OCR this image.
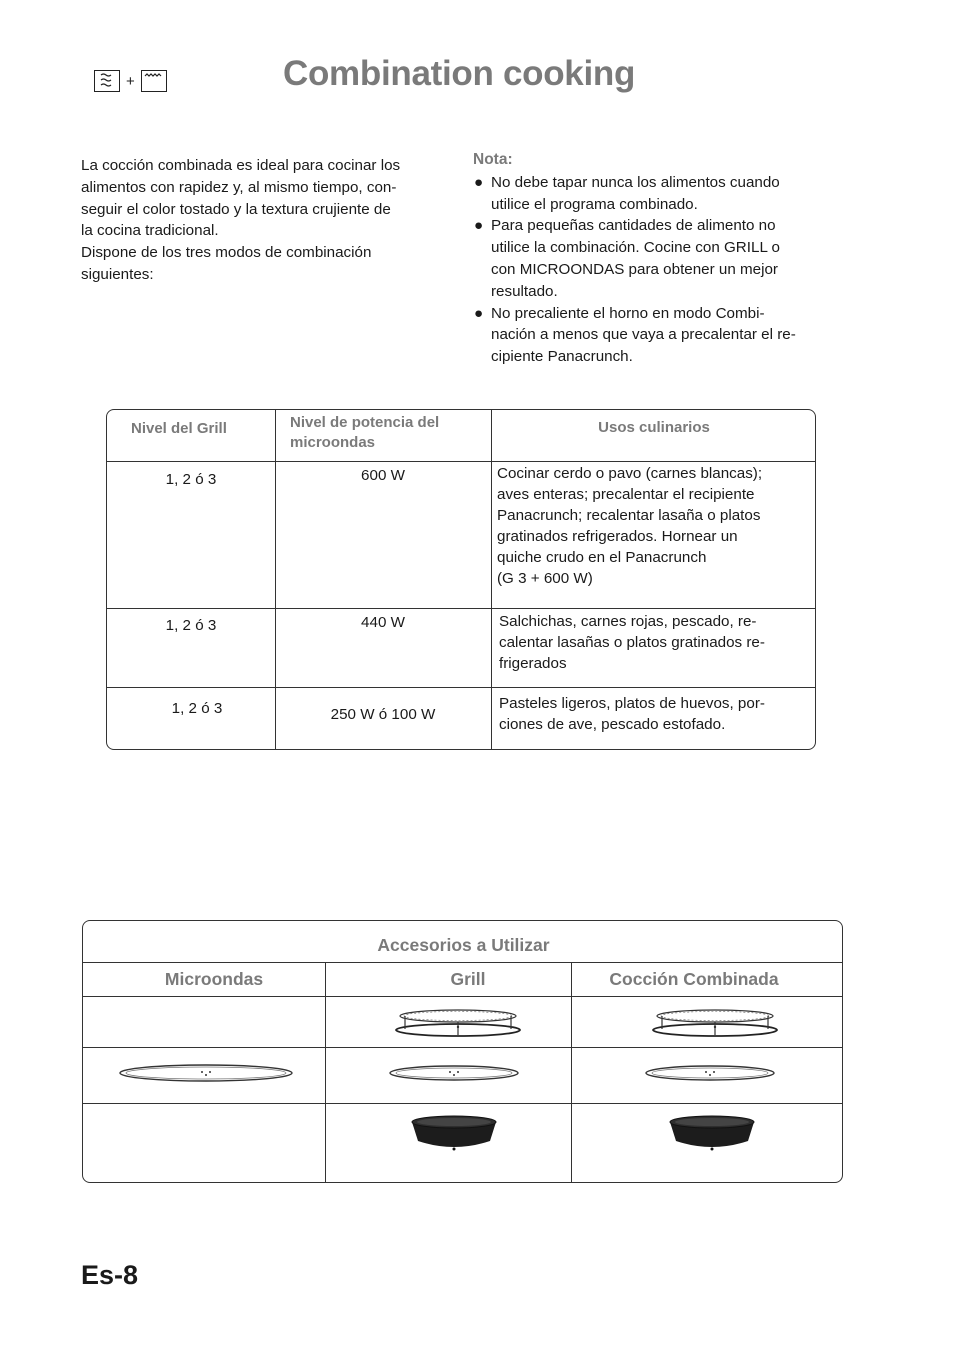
+	Combination cooking

La cocción combinada es ideal para cocinar los

alimentos con rapidez y, al mismo tiempo, con-

seguir el color tostado y la textura crujiente de

la cocina tradicional.

Dispone de los tres modos de combinación

siguientes:

Nota:
● No debe tapar nunca los alimentos cuando
utilice el programa combinado.
● Para pequeñas cantidades de alimento no
utilice la combinación. Cocine con GRILL o
con MICROONDAS para obtener un mejor
resultado.
● No precaliente el horno en modo Combi-
nación a menos que vaya a precalentar el re-
cipiente Panacrunch.
Nivel del Grill	Nivel de potencia del
microondas
Usos culinarios
1, 2 ó 3	600 W	Cocinar cerdo o pavo (carnes blancas);
aves enteras; precalentar el recipiente
Panacrunch; recalentar lasaña o platos
gratinados refrigerados. Hornear un
quiche crudo en el Panacrunch
(G 3 + 600 W)
1, 2 ó 3	440 W	Salchichas, carnes rojas, pescado, re-
calentar lasañas o platos gratinados re-
frigerados
1, 2 ó 3	250 W ó 100 W
Pasteles ligeros, platos de huevos, por-
ciones de ave, pescado estofado.
Accesorios a Utilizar
Microondas	Grill	Cocción Combinada
Es-8
